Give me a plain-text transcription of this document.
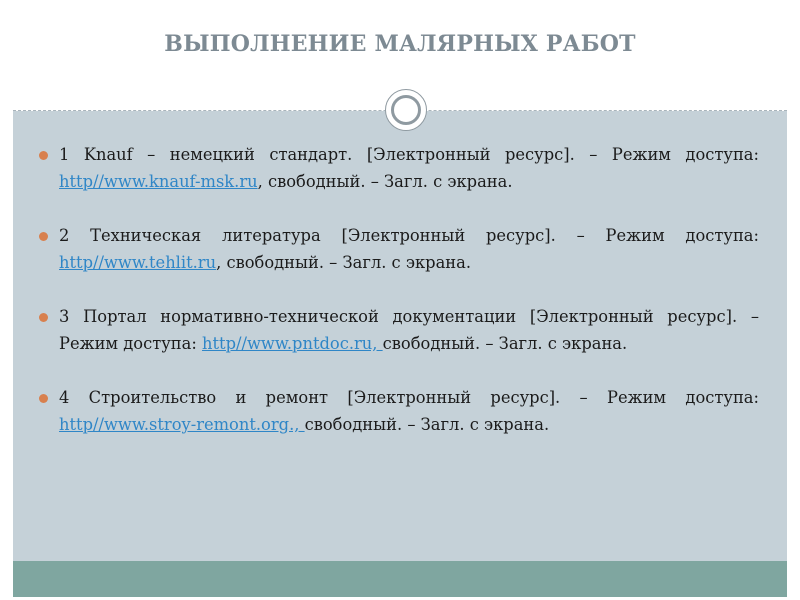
ВЫПОЛНЕНИЕ МАЛЯРНЫХ РАБОТ
1 Knauf – немецкий стандарт. [Электронный ресурс]. – Режим доступа: http//www.knauf-msk.ru, свободный. – Загл. с экрана.
2 Техническая литература [Электронный ресурс]. – Режим доступа: http//www.tehlit.ru, свободный. – Загл. с экрана.
3 Портал нормативно-технической документации [Электронный ресурс]. – Режим доступа: http//www.pntdoc.ru, свободный. – Загл. с экрана.
4 Строительство и ремонт [Электронный ресурс]. – Режим доступа: http//www.stroy-remont.org., свободный. – Загл. с экрана.
